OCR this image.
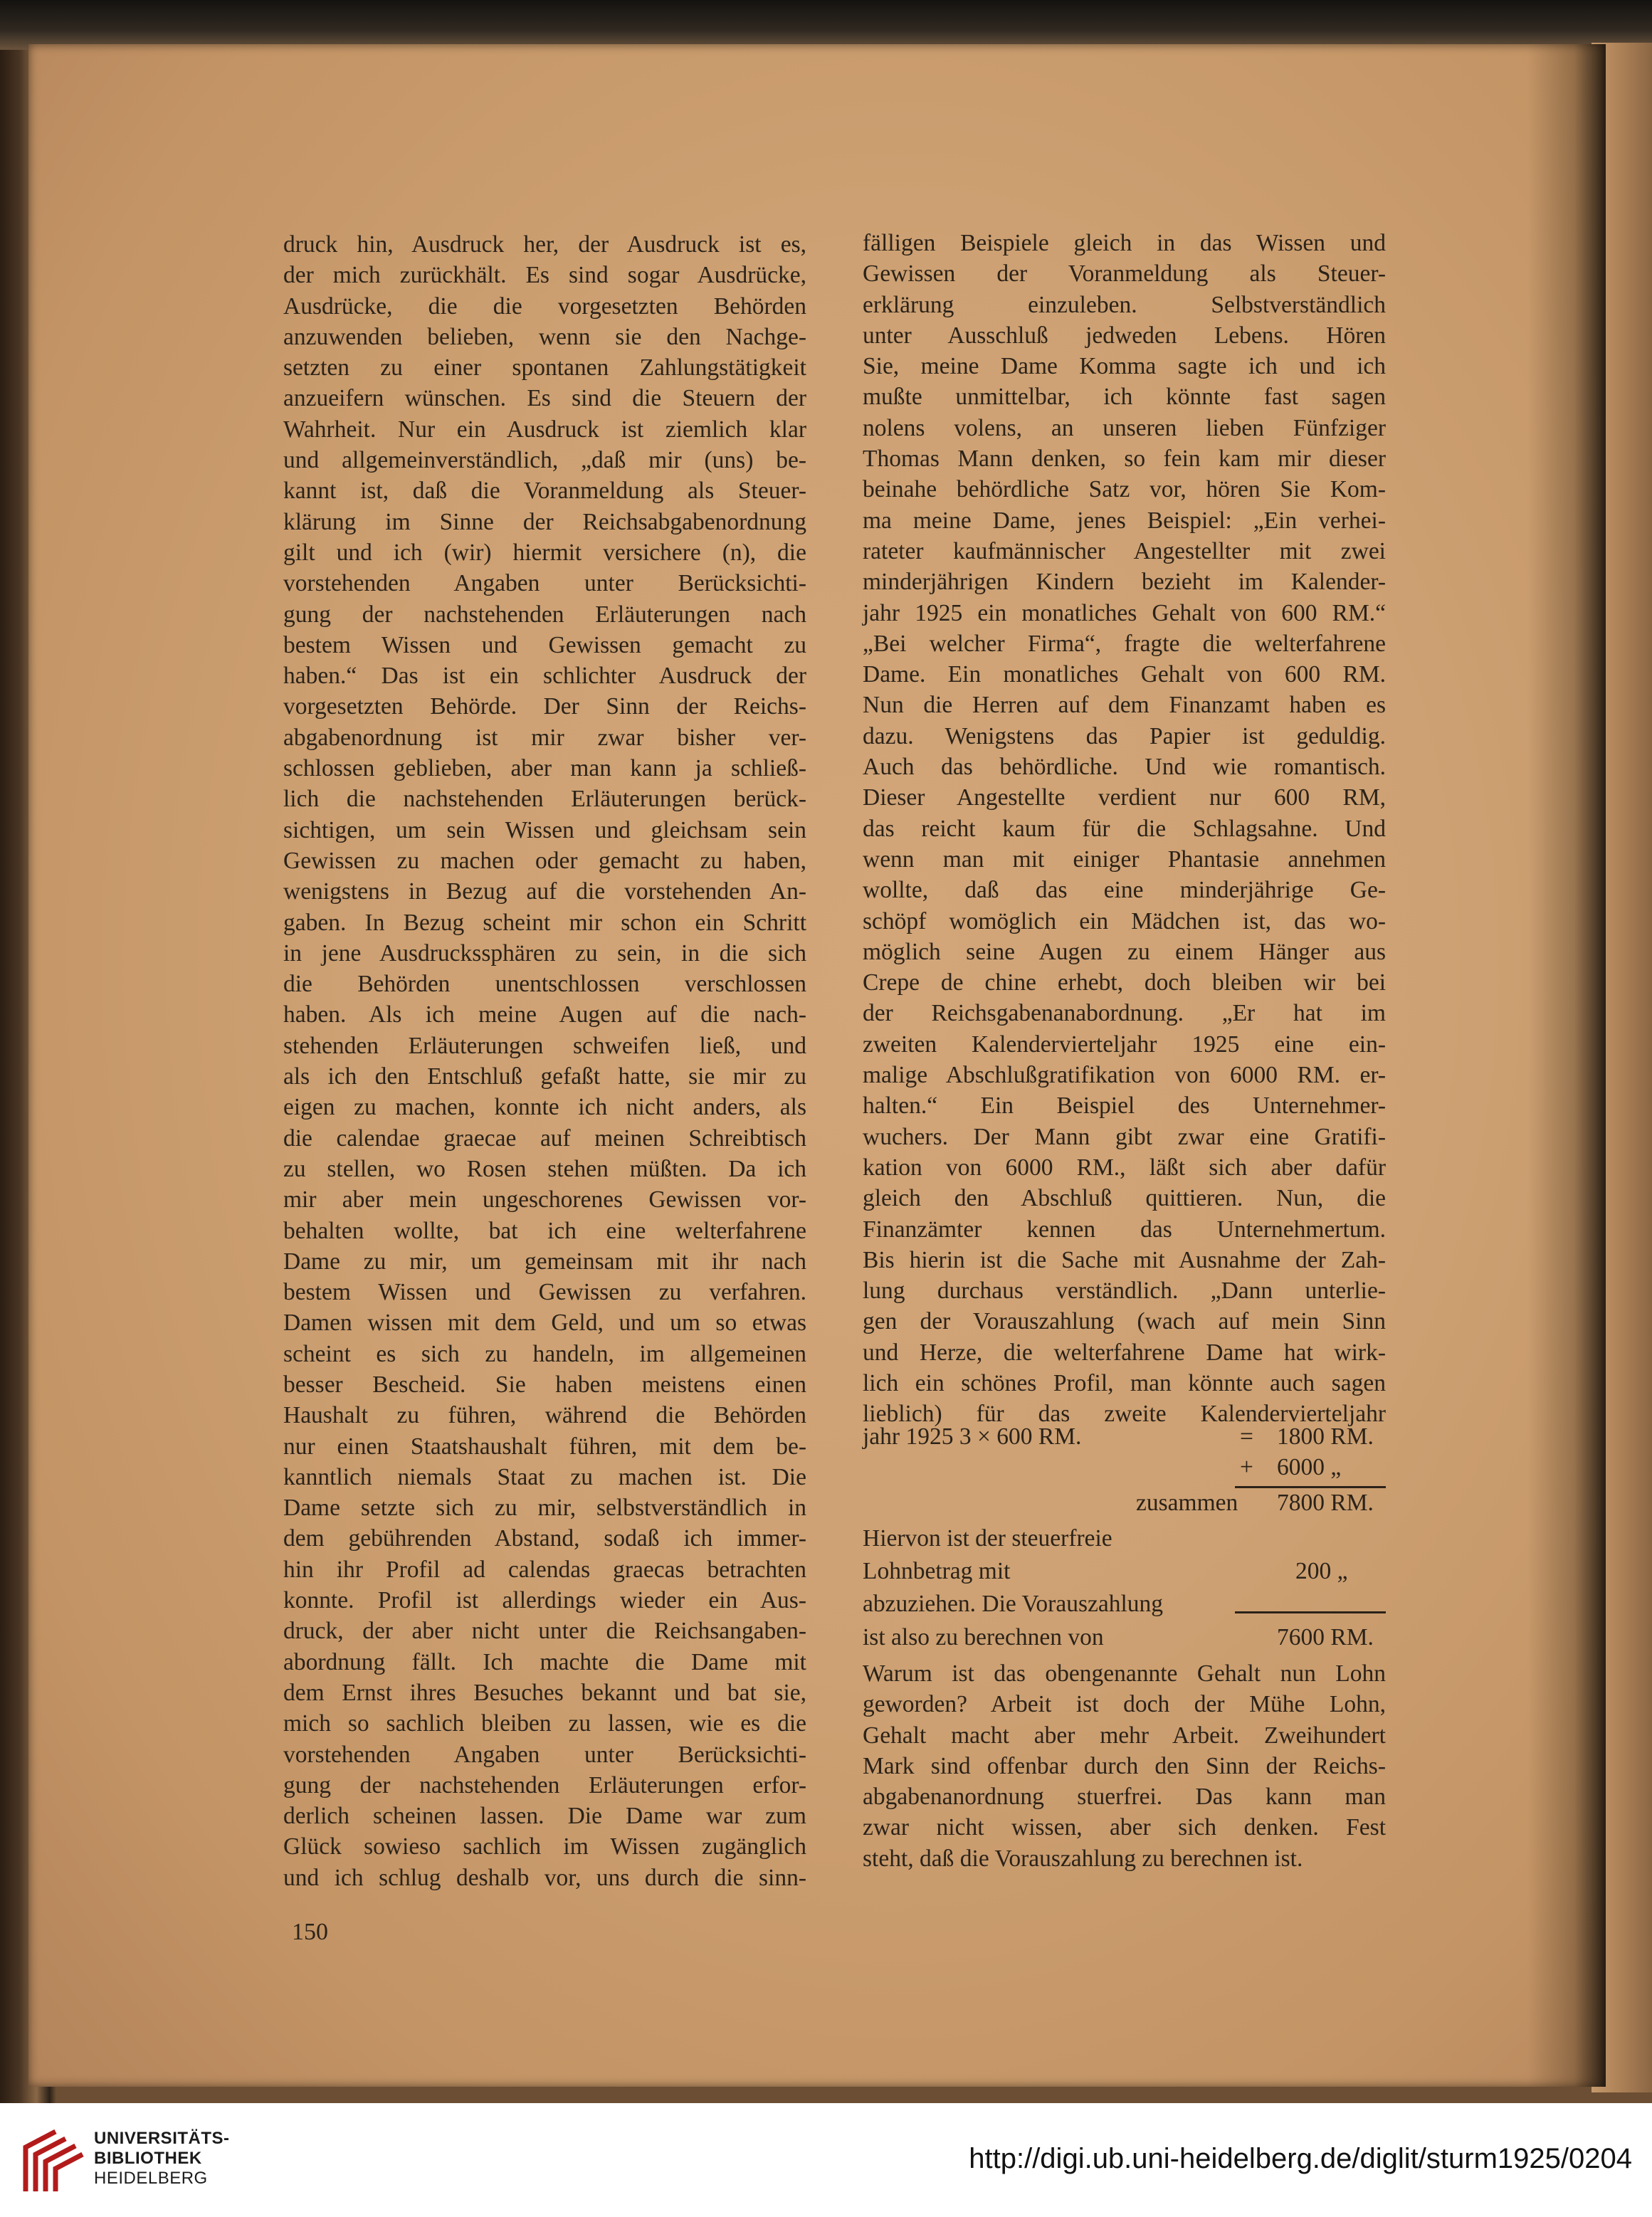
druck hin, Ausdruck her, der Ausdruck ist es,
der mich zurückhält. Es sind sogar Ausdrücke,
Ausdrücke, die die vorgesetzten Behörden
anzuwenden belieben, wenn sie den Nachge-
setzten zu einer spontanen Zahlungstätigkeit
anzueifern wünschen. Es sind die Steuern der
Wahrheit. Nur ein Ausdruck ist ziemlich klar
und allgemeinverständlich, „daß mir (uns) be-
kannt ist, daß die Voranmeldung als Steuer-
klärung im Sinne der Reichsabgabenordnung
gilt und ich (wir) hiermit versichere (n), die
vorstehenden Angaben unter Berücksichti-
gung der nachstehenden Erläuterungen nach
bestem Wissen und Gewissen gemacht zu
haben.“ Das ist ein schlichter Ausdruck der
vorgesetzten Behörde. Der Sinn der Reichs-
abgabenordnung ist mir zwar bisher ver-
schlossen geblieben, aber man kann ja schließ-
lich die nachstehenden Erläuterungen berück-
sichtigen, um sein Wissen und gleichsam sein
Gewissen zu machen oder gemacht zu haben,
wenigstens in Bezug auf die vorstehenden An-
gaben. In Bezug scheint mir schon ein Schritt
in jene Ausdruckssphären zu sein, in die sich
die Behörden unentschlossen verschlossen
haben. Als ich meine Augen auf die nach-
stehenden Erläuterungen schweifen ließ, und
als ich den Entschluß gefaßt hatte, sie mir zu
eigen zu machen, konnte ich nicht anders, als
die calendae graecae auf meinen Schreibtisch
zu stellen, wo Rosen stehen müßten. Da ich
mir aber mein ungeschorenes Gewissen vor-
behalten wollte, bat ich eine welterfahrene
Dame zu mir, um gemeinsam mit ihr nach
bestem Wissen und Gewissen zu verfahren.
Damen wissen mit dem Geld, und um so etwas
scheint es sich zu handeln, im allgemeinen
besser Bescheid. Sie haben meistens einen
Haushalt zu führen, während die Behörden
nur einen Staatshaushalt führen, mit dem be-
kanntlich niemals Staat zu machen ist. Die
Dame setzte sich zu mir, selbstverständlich in
dem gebührenden Abstand, sodaß ich immer-
hin ihr Profil ad calendas graecas betrachten
konnte. Profil ist allerdings wieder ein Aus-
druck, der aber nicht unter die Reichsangaben-
abordnung fällt. Ich machte die Dame mit
dem Ernst ihres Besuches bekannt und bat sie,
mich so sachlich bleiben zu lassen, wie es die
vorstehenden Angaben unter Berücksichti-
gung der nachstehenden Erläuterungen erfor-
derlich scheinen lassen. Die Dame war zum
Glück sowieso sachlich im Wissen zugänglich
und ich schlug deshalb vor, uns durch die sinn-
fälligen Beispiele gleich in das Wissen und
Gewissen der Voranmeldung als Steuer-
erklärung einzuleben. Selbstverständlich
unter Ausschluß jedweden Lebens. Hören
Sie, meine Dame Komma sagte ich und ich
mußte unmittelbar, ich könnte fast sagen
nolens volens, an unseren lieben Fünfziger
Thomas Mann denken, so fein kam mir dieser
beinahe behördliche Satz vor, hören Sie Kom-
ma meine Dame, jenes Beispiel: „Ein verhei-
rateter kaufmännischer Angestellter mit zwei
minderjährigen Kindern bezieht im Kalender-
jahr 1925 ein monatliches Gehalt von 600 RM.“
„Bei welcher Firma“, fragte die welterfahrene
Dame. Ein monatliches Gehalt von 600 RM.
Nun die Herren auf dem Finanzamt haben es
dazu. Wenigstens das Papier ist geduldig.
Auch das behördliche. Und wie romantisch.
Dieser Angestellte verdient nur 600 RM,
das reicht kaum für die Schlagsahne. Und
wenn man mit einiger Phantasie annehmen
wollte, daß das eine minderjährige Ge-
schöpf womöglich ein Mädchen ist, das wo-
möglich seine Augen zu einem Hänger aus
Crepe de chine erhebt, doch bleiben wir bei
der Reichsgabenanabordnung. „Er hat im
zweiten Kalendervierteljahr 1925 eine ein-
malige Abschlußgratifikation von 6000 RM. er-
halten.“ Ein Beispiel des Unternehmer-
wuchers. Der Mann gibt zwar eine Gratifi-
kation von 6000 RM., läßt sich aber dafür
gleich den Abschluß quittieren. Nun, die
Finanzämter kennen das Unternehmertum.
Bis hierin ist die Sache mit Ausnahme der Zah-
lung durchaus verständlich. „Dann unterlie-
gen der Vorauszahlung (wach auf mein Sinn
und Herze, die welterfahrene Dame hat wirk-
lich ein schönes Profil, man könnte auch sagen
lieblich) für das zweite Kalendervierteljahr
jahr 1925 3 × 600 RM.	= 1800 RM.
+ 6000 „
zusammen 7800 RM.
Hiervon ist der steuerfreie
Lohnbetrag mit	200 „
abzuziehen. Die Vorauszahlung
ist also zu berechnen von	7600 RM.
Warum ist das obengenannte Gehalt nun Lohn
geworden? Arbeit ist doch der Mühe Lohn,
Gehalt macht aber mehr Arbeit. Zweihundert
Mark sind offenbar durch den Sinn der Reichs-
abgabenanordnung stuerfrei. Das kann man
zwar nicht wissen, aber sich denken. Fest
steht, daß die Vorauszahlung zu berechnen ist.
150
UNIVERSITÄTS-
BIBLIOTHEK
HEIDELBERG
http://digi.ub.uni-heidelberg.de/diglit/sturm1925/0204
